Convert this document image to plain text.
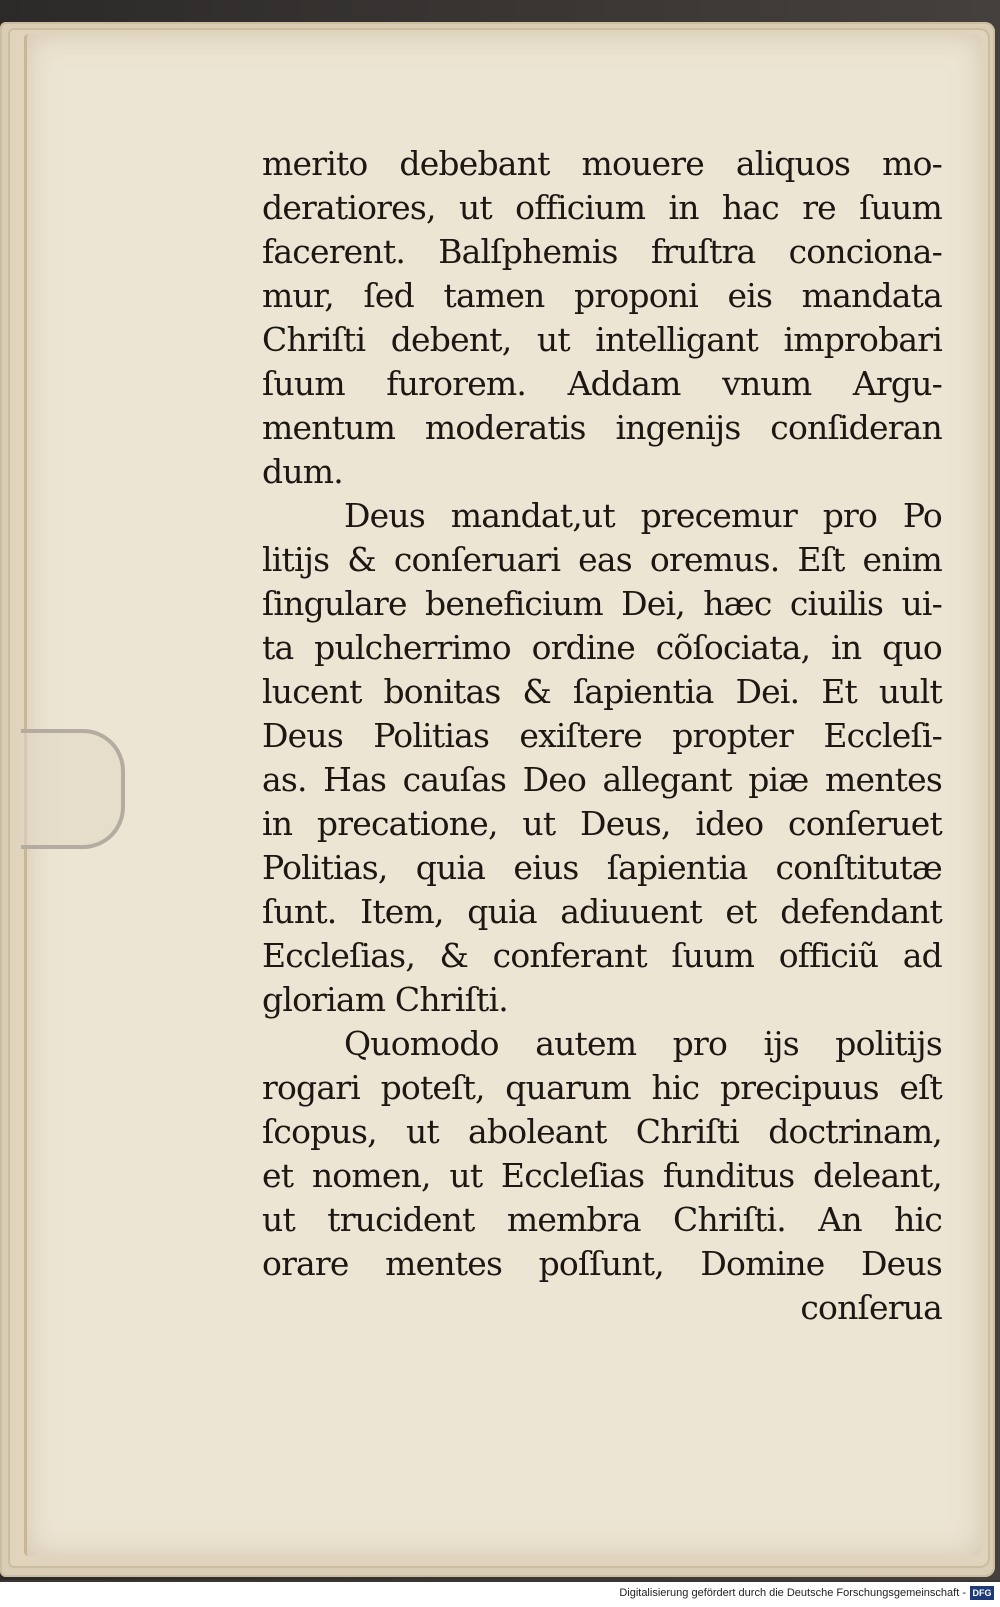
merito debebant mouere aliquos mo-
deratiores, ut officium in hac re ſuum
facerent. Balſphemis fruſtra conciona-
mur, ſed tamen proponi eis mandata
Chriſti debent, ut intelligant improbari
ſuum furorem. Addam vnum Argu-
mentum moderatis ingenijs conſideran
dum.
Deus mandat,ut precemur pro Po
litijs & conſeruari eas oremus. Eſt enim
ſingulare beneficium Dei, hæc ciuilis ui-
ta pulcherrimo ordine cõſociata, in quo
lucent bonitas & ſapientia Dei. Et uult
Deus Politias exiſtere propter Eccleſi-
as. Has cauſas Deo allegant piæ mentes
in precatione, ut Deus, ideo conſeruet
Politias, quia eius ſapientia conſtitutæ
ſunt. Item, quia adiuuent et defendant
Eccleſias, & conferant ſuum officiũ ad
gloriam Chriſti.
Quomodo autem pro ijs politijs
rogari poteſt, quarum hic precipuus eſt
ſcopus, ut aboleant Chriſti doctrinam,
et nomen, ut Eccleſias funditus deleant,
ut trucident membra Chriſti. An hic
orare mentes poſſunt, Domine Deus
conſerua
Digitalisierung gefördert durch die Deutsche Forschungsgemeinschaft - DFG
